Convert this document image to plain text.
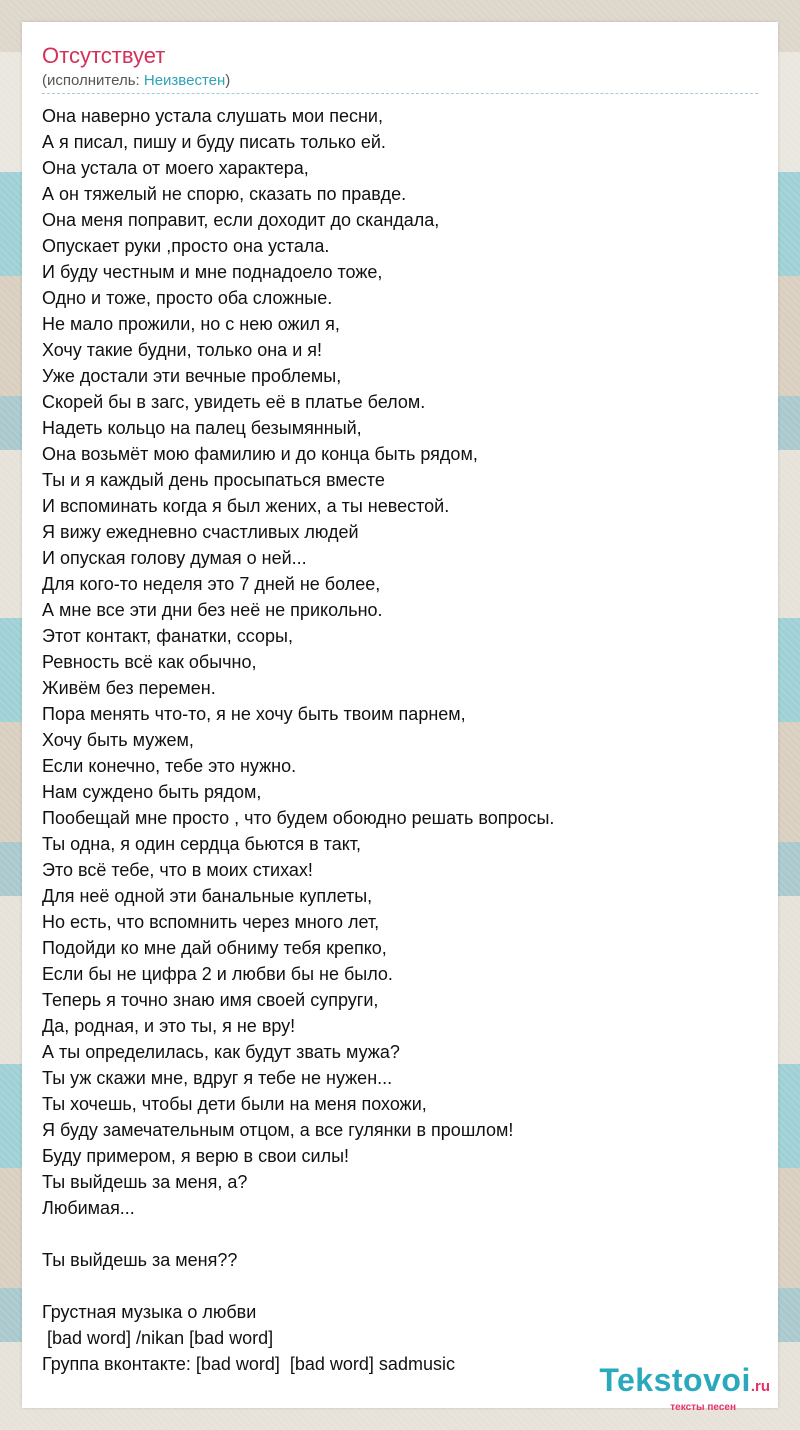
Отсутствует
(исполнитель: Неизвестен)
Она наверно устала слушать мои песни,
А я писал, пишу и буду писать только ей.
Она устала от моего характера,
А он тяжелый не спорю, сказать по правде.
Она меня поправит, если доходит до скандала,
Опускает руки ,просто она устала.
И буду честным и мне поднадоело тоже,
Одно и тоже, просто оба сложные.
Не мало прожили, но с нею ожил я,
Хочу такие будни, только она и я!
Уже достали эти вечные проблемы,
Скорей бы в загс, увидеть её в платье белом.
Надеть кольцо на палец безымянный,
Она возьмёт мою фамилию и до конца быть рядом,
Ты и я каждый день просыпаться вместе
И вспоминать когда я был жених, а ты невестой.
Я вижу ежедневно счастливых людей
И опуская голову думая о ней...
Для кого-то неделя это 7 дней не более,
А мне все эти дни без неё не прикольно.
Этот контакт, фанатки, ссоры,
Ревность всё как обычно,
Живём без перемен.
Пора менять что-то, я не хочу быть твоим парнем,
Хочу быть мужем,
Если конечно, тебе это нужно.
Нам суждено быть рядом,
Пообещай мне просто , что будем обоюдно решать вопросы.
Ты одна, я один сердца бьются в такт,
Это всё тебе, что в моих стихах!
Для неё одной эти банальные куплеты,
Но есть, что вспомнить через много лет,
Подойди ко мне дай обниму тебя крепко,
Если бы не цифра 2 и любви бы не было.
Теперь я точно знаю имя своей супруги,
Да, родная, и это ты, я не вру!
А ты определилась, как будут звать мужа?
Ты уж скажи мне, вдруг я тебе не нужен...
Ты хочешь, чтобы дети были на меня похожи,
Я буду замечательным отцом, а все гулянки в прошлом!
Буду примером, я верю в свои силы!
Ты выйдешь за меня, а?
Любимая...
Ты выйдешь за меня??
Грустная музыка о любви
[bad word] /nikan [bad word]
Группа вконтакте: [bad word]  [bad word] sadmusic	Tekstovoi.ru
тексты песен
